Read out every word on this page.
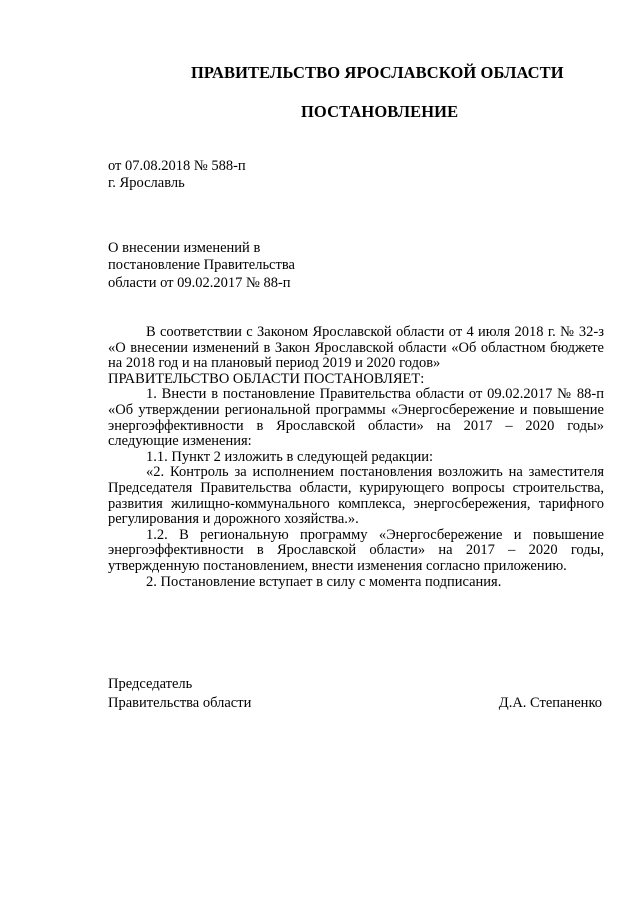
ПРАВИТЕЛЬСТВО ЯРОСЛАВСКОЙ ОБЛАСТИ
ПОСТАНОВЛЕНИЕ
от 07.08.2018 № 588-п
г. Ярославль
О внесении изменений в
постановление Правительства
области от 09.02.2017 № 88-п

В соответствии с Законом Ярославской области от 4 июля 2018 г. № 32-з «О внесении изменений в Закон Ярославской области «Об областном бюджете на 2018 год и на плановый период 2019 и 2020 годов»

ПРАВИТЕЛЬСТВО ОБЛАСТИ ПОСТАНОВЛЯЕТ:

1. Внести в постановление Правительства области от 09.02.2017 № 88-п «Об утверждении региональной программы «Энергосбережение и повышение энергоэффективности в Ярославской области» на 2017 – 2020 годы» следующие изменения:

1.1. Пункт 2 изложить в следующей редакции:

«2. Контроль за исполнением постановления возложить на заместителя Председателя Правительства области, курирующего вопросы строительства, развития жилищно-коммунального комплекса, энергосбережения, тарифного регулирования и дорожного хозяйства.».

1.2. В региональную программу «Энергосбережение и повышение энергоэффективности в Ярославской области» на 2017 – 2020 годы, утвержденную постановлением, внести изменения согласно приложению.

2. Постановление вступает в силу с момента подписания.

Председатель
Правительства области	Д.А. Степаненко
